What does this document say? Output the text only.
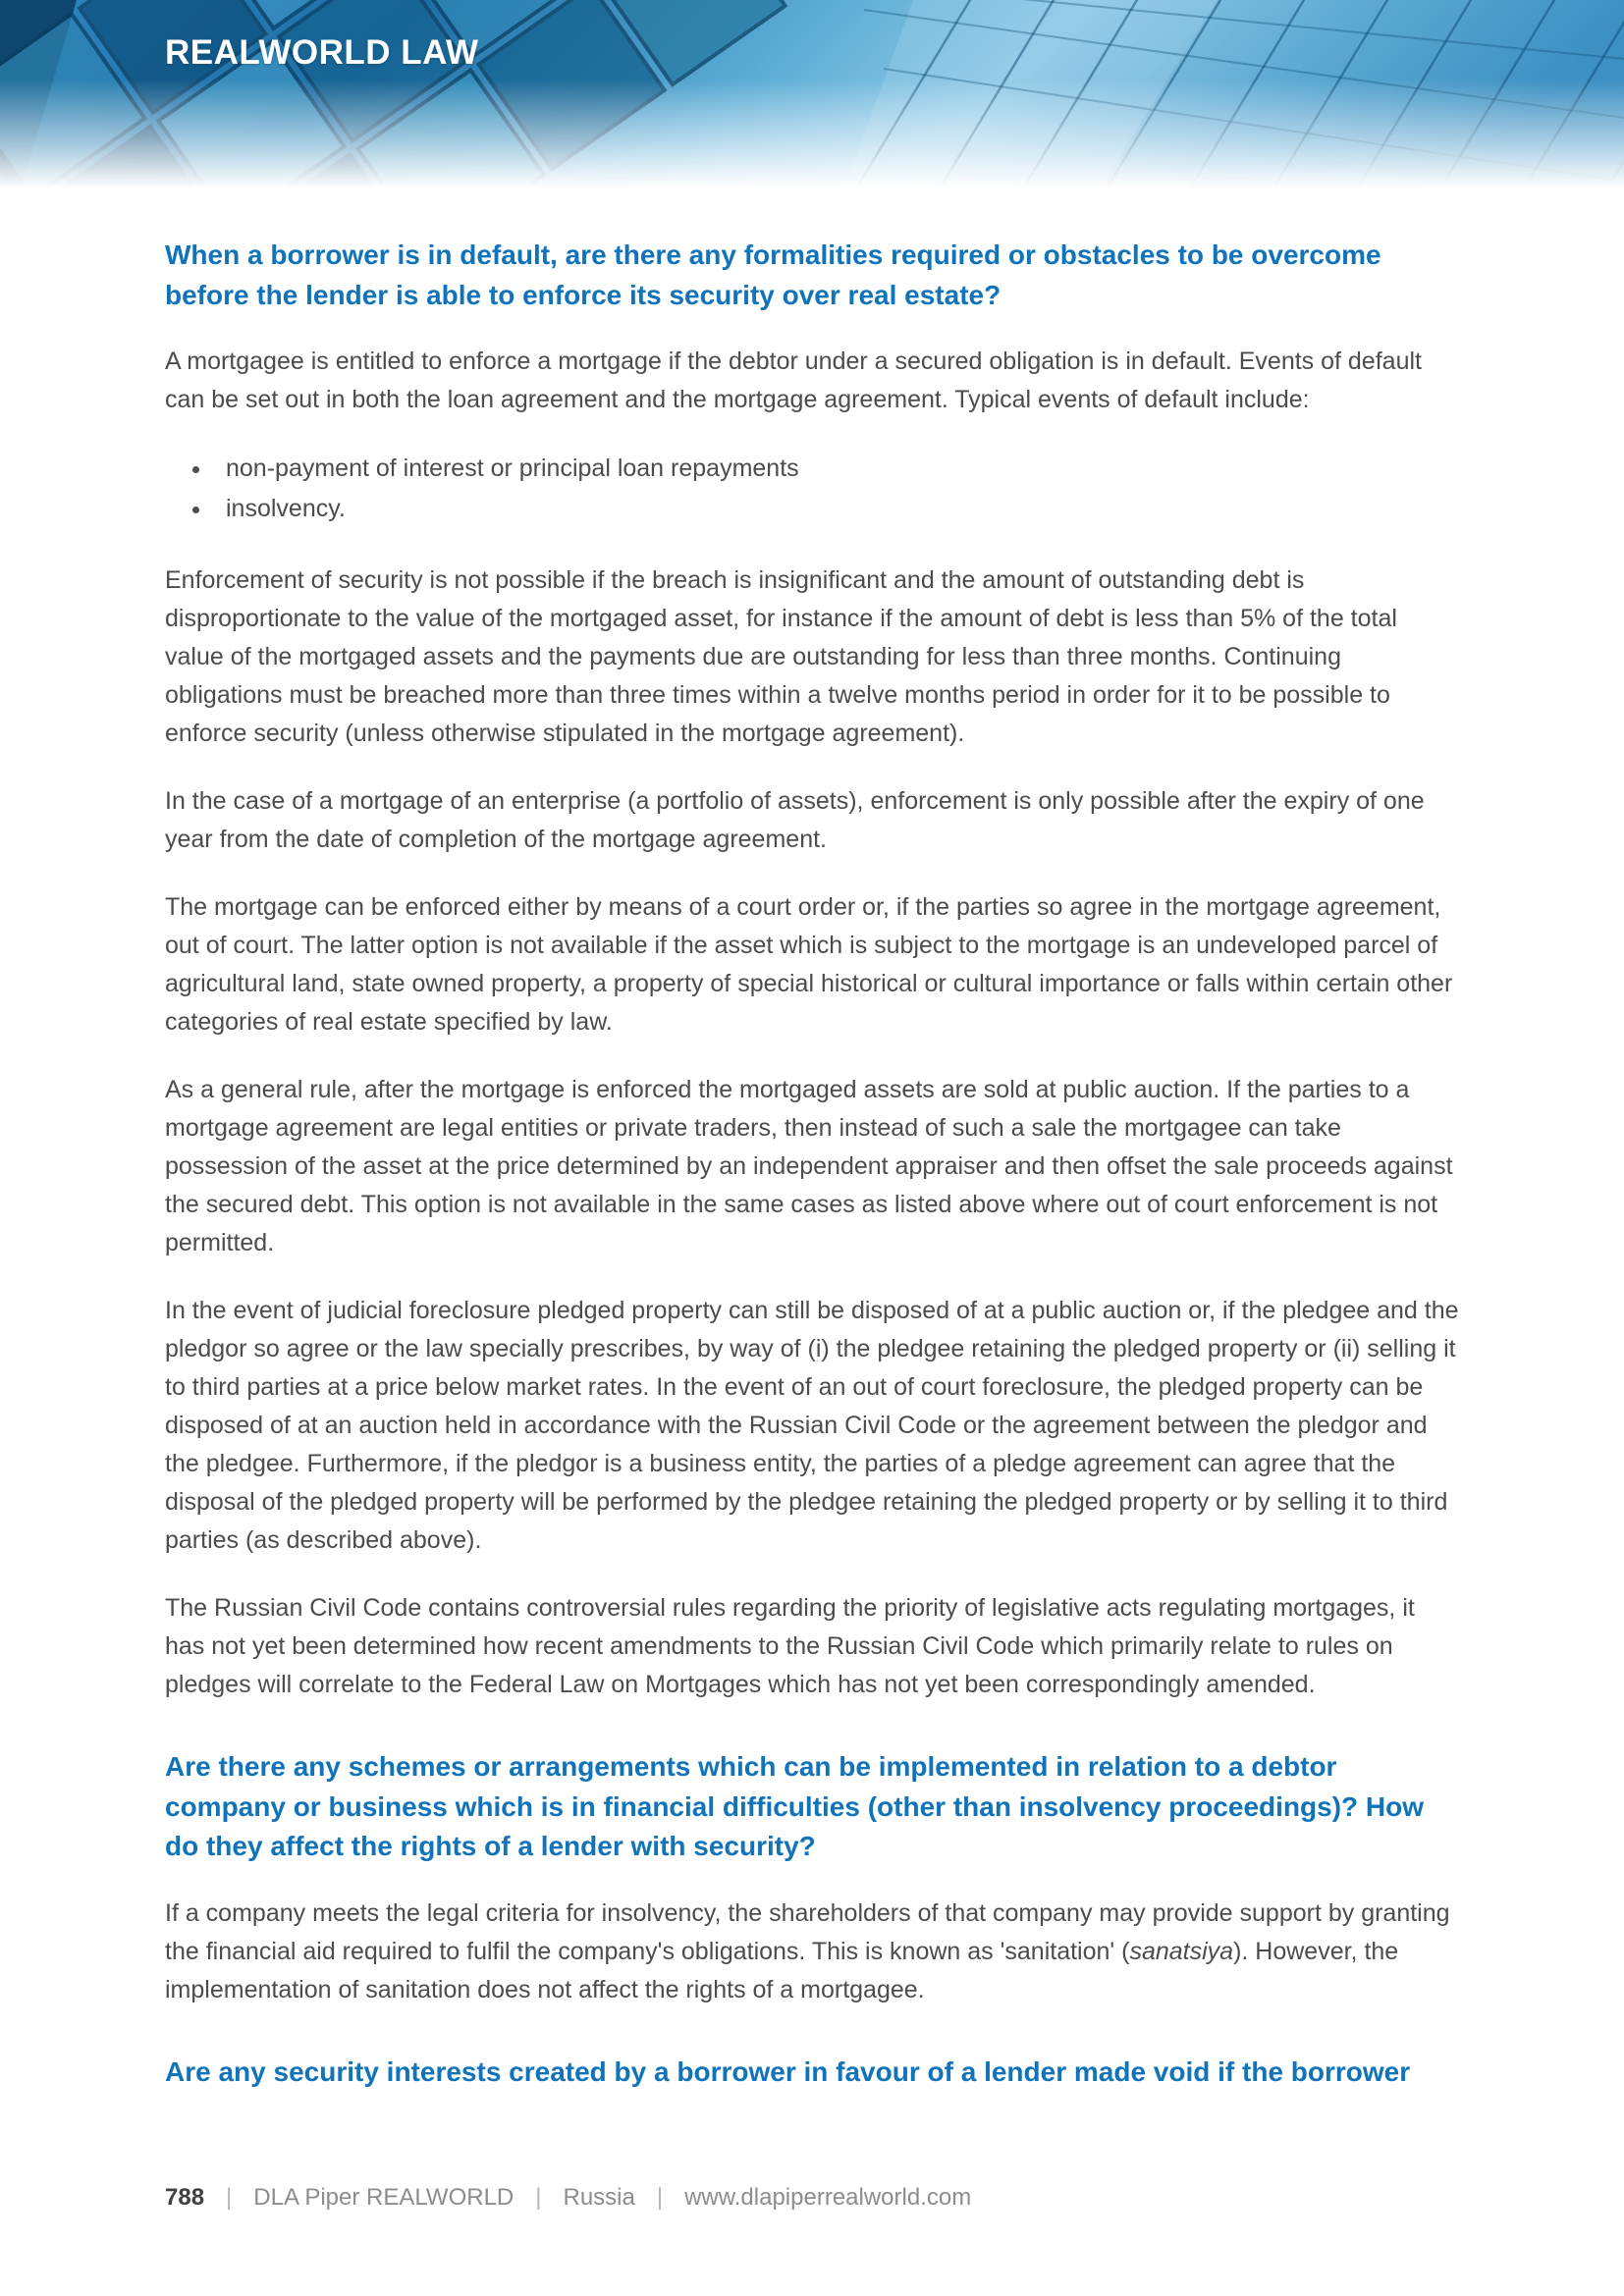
REALWORLD LAW
When a borrower is in default, are there any formalities required or obstacles to be overcome before the lender is able to enforce its security over real estate?

A mortgagee is entitled to enforce a mortgage if the debtor under a secured obligation is in default. Events of default can be set out in both the loan agreement and the mortgage agreement. Typical events of default include:

• non-payment of interest or principal loan repayments
• insolvency.

Enforcement of security is not possible if the breach is insignificant and the amount of outstanding debt is disproportionate to the value of the mortgaged asset, for instance if the amount of debt is less than 5% of the total value of the mortgaged assets and the payments due are outstanding for less than three months. Continuing obligations must be breached more than three times within a twelve months period in order for it to be possible to enforce security (unless otherwise stipulated in the mortgage agreement).

In the case of a mortgage of an enterprise (a portfolio of assets), enforcement is only possible after the expiry of one year from the date of completion of the mortgage agreement.

The mortgage can be enforced either by means of a court order or, if the parties so agree in the mortgage agreement, out of court. The latter option is not available if the asset which is subject to the mortgage is an undeveloped parcel of agricultural land, state owned property, a property of special historical or cultural importance or falls within certain other categories of real estate specified by law.

As a general rule, after the mortgage is enforced the mortgaged assets are sold at public auction. If the parties to a mortgage agreement are legal entities or private traders, then instead of such a sale the mortgagee can take possession of the asset at the price determined by an independent appraiser and then offset the sale proceeds against the secured debt. This option is not available in the same cases as listed above where out of court enforcement is not permitted.

In the event of judicial foreclosure pledged property can still be disposed of at a public auction or, if the pledgee and the pledgor so agree or the law specially prescribes, by way of (i) the pledgee retaining the pledged property or (ii) selling it to third parties at a price below market rates. In the event of an out of court foreclosure, the pledged property can be disposed of at an auction held in accordance with the Russian Civil Code or the agreement between the pledgor and the pledgee. Furthermore, if the pledgor is a business entity, the parties of a pledge agreement can agree that the disposal of the pledged property will be performed by the pledgee retaining the pledged property or by selling it to third parties (as described above).

The Russian Civil Code contains controversial rules regarding the priority of legislative acts regulating mortgages, it has not yet been determined how recent amendments to the Russian Civil Code which primarily relate to rules on pledges will correlate to the Federal Law on Mortgages which has not yet been correspondingly amended.

Are there any schemes or arrangements which can be implemented in relation to a debtor company or business which is in financial difficulties (other than insolvency proceedings)? How do they affect the rights of a lender with security?

If a company meets the legal criteria for insolvency, the shareholders of that company may provide support by granting the financial aid required to fulfil the company's obligations. This is known as 'sanitation' (sanatsiya). However, the implementation of sanitation does not affect the rights of a mortgagee.

Are any security interests created by a borrower in favour of a lender made void if the borrower
788 | DLA Piper REALWORLD | Russia | www.dlapiperrealworld.com
